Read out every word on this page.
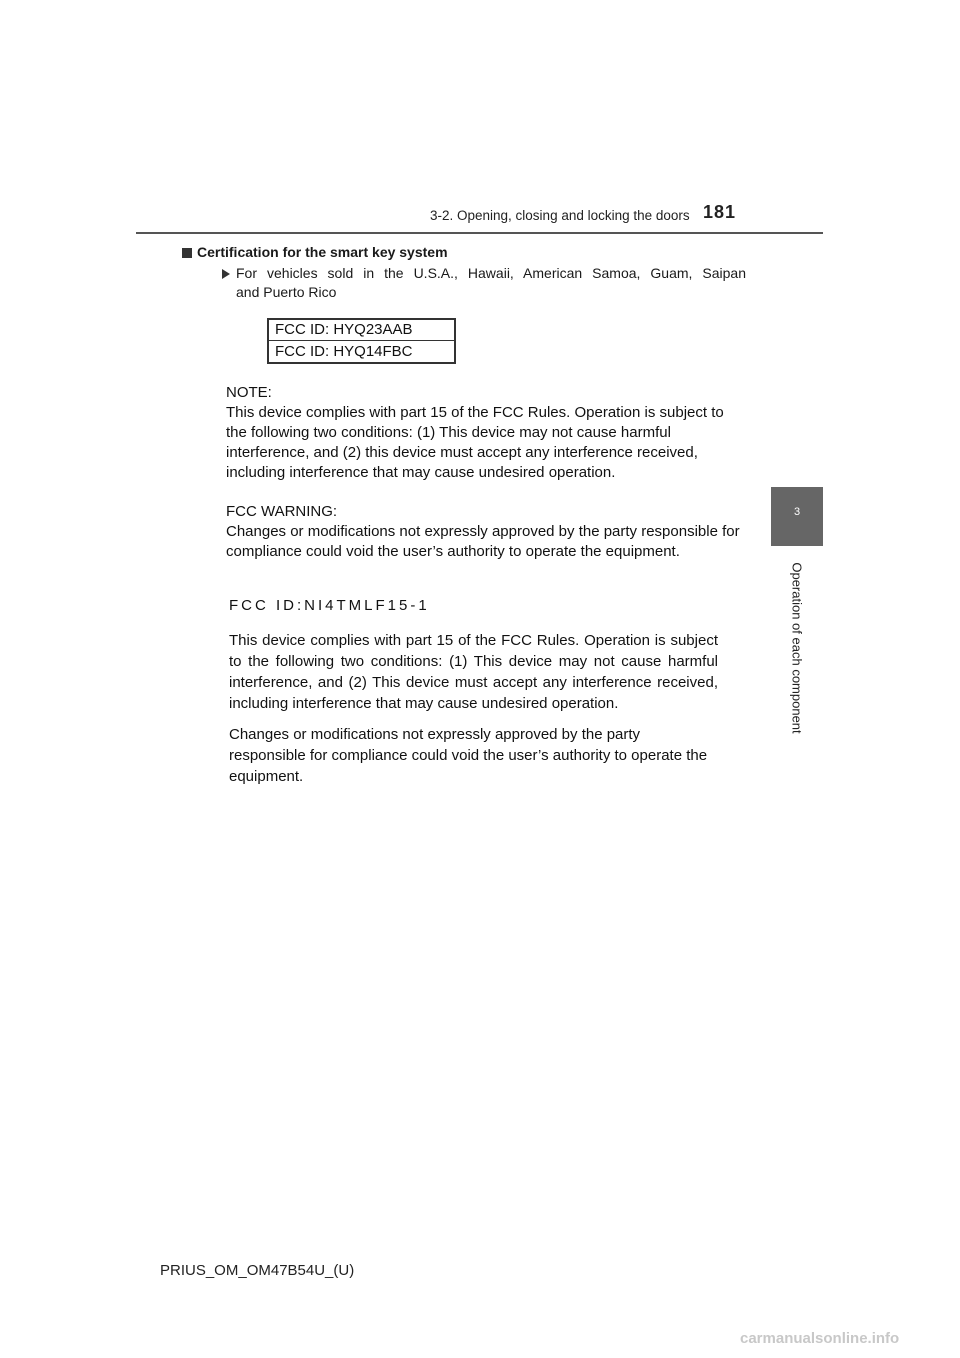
3-2. Opening, closing and locking the doors 181
Certification for the smart key system
For vehicles sold in the U.S.A., Hawaii, American Samoa, Guam, Saipan
and Puerto Rico
FCC ID: HYQ23AAB
FCC ID: HYQ14FBC
NOTE:
This device complies with part 15 of the FCC Rules. Operation is subject to the following two conditions: (1) This device may not cause harmful interference, and (2) this device must accept any interference received, including interference that may cause undesired operation.
FCC WARNING:
Changes or modifications not expressly approved by the party responsible for compliance could void the user’s authority to operate the equipment.
FCC ID:NI4TMLF15-1
This device complies with part 15 of the FCC Rules. Operation is subject to the following two conditions: (1) This device may not cause harmful interference, and (2) This device must accept any interference received, including interference that may cause undesired operation.
Changes or modifications not expressly approved by the party responsible for compliance could void the user’s authority to operate the equipment.
3
Operation of each component
PRIUS_OM_OM47B54U_(U)
carmanualsonline.info
